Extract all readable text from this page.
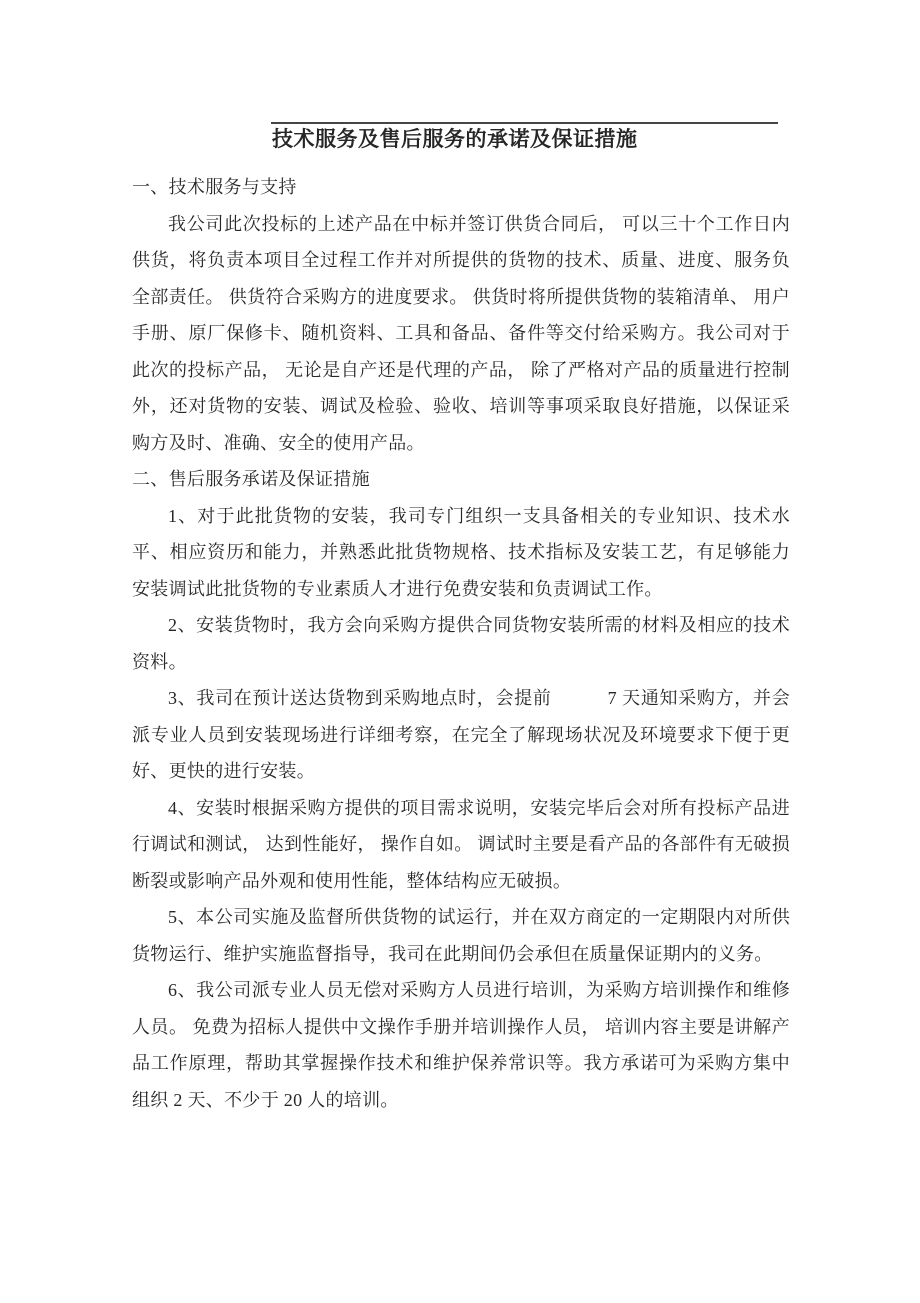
技术服务及售后服务的承诺及保证措施

一、技术服务与支持

我公司此次投标的上述产品在中标并签订供货合同后， 可以三十个工作日内供货，将负责本项目全过程工作并对所提供的货物的技术、质量、进度、服务负全部责任。 供货符合采购方的进度要求。 供货时将所提供货物的装箱清单、 用户手册、原厂保修卡、随机资料、工具和备品、备件等交付给采购方。我公司对于此次的投标产品， 无论是自产还是代理的产品， 除了严格对产品的质量进行控制外，还对货物的安装、调试及检验、验收、培训等事项采取良好措施，以保证采购方及时、准确、安全的使用产品。

二、售后服务承诺及保证措施

1、对于此批货物的安装，我司专门组织一支具备相关的专业知识、技术水平、相应资历和能力，并熟悉此批货物规格、技术指标及安装工艺，有足够能力安装调试此批货物的专业素质人才进行免费安装和负责调试工作。

2、安装货物时，我方会向采购方提供合同货物安装所需的材料及相应的技术资料。

3、我司在预计送达货物到采购地点时，会提前　　　7 天通知采购方，并会派专业人员到安装现场进行详细考察，在完全了解现场状况及环境要求下便于更好、更快的进行安装。

4、安装时根据采购方提供的项目需求说明，安装完毕后会对所有投标产品进行调试和测试， 达到性能好， 操作自如。 调试时主要是看产品的各部件有无破损断裂或影响产品外观和使用性能，整体结构应无破损。

5、本公司实施及监督所供货物的试运行，并在双方商定的一定期限内对所供货物运行、维护实施监督指导，我司在此期间仍会承但在质量保证期内的义务。

6、我公司派专业人员无偿对采购方人员进行培训，为采购方培训操作和维修人员。 免费为招标人提供中文操作手册并培训操作人员， 培训内容主要是讲解产品工作原理，帮助其掌握操作技术和维护保养常识等。我方承诺可为采购方集中组织 2 天、不少于 20 人的培训。
